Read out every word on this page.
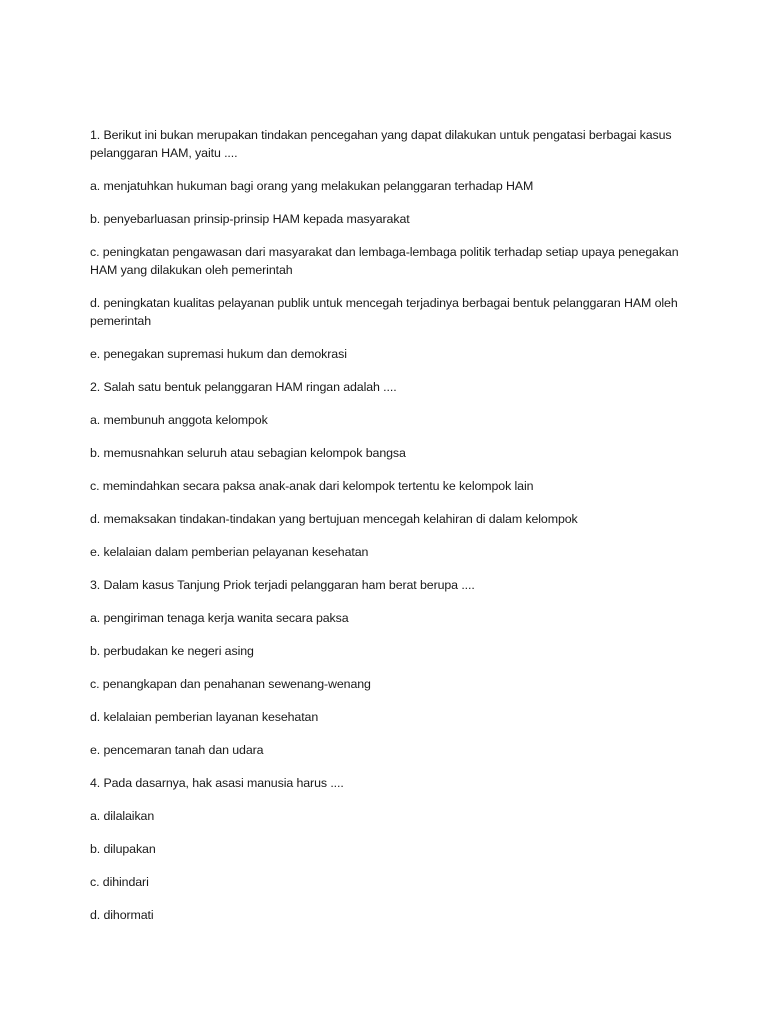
1. Berikut ini bukan merupakan tindakan pencegahan yang dapat dilakukan untuk pengatasi berbagai kasus pelanggaran HAM, yaitu ....

a. menjatuhkan hukuman bagi orang yang melakukan pelanggaran terhadap HAM

b. penyebarluasan prinsip-prinsip HAM kepada masyarakat

c. peningkatan pengawasan dari masyarakat dan lembaga-lembaga politik terhadap setiap upaya penegakan HAM yang dilakukan oleh pemerintah

d. peningkatan kualitas pelayanan publik untuk mencegah terjadinya berbagai bentuk pelanggaran HAM oleh pemerintah

e. penegakan supremasi hukum dan demokrasi

2. Salah satu bentuk pelanggaran HAM ringan adalah ....

a. membunuh anggota kelompok

b. memusnahkan seluruh atau sebagian kelompok bangsa

c. memindahkan secara paksa anak-anak dari kelompok tertentu ke kelompok lain

d. memaksakan tindakan-tindakan yang bertujuan mencegah kelahiran di dalam kelompok

e. kelalaian dalam pemberian pelayanan kesehatan

3. Dalam kasus Tanjung Priok terjadi pelanggaran ham berat berupa ....

a. pengiriman tenaga kerja wanita secara paksa

b. perbudakan ke negeri asing

c. penangkapan dan penahanan sewenang-wenang

d. kelalaian pemberian layanan kesehatan

e. pencemaran tanah dan udara

4. Pada dasarnya, hak asasi manusia harus ....

a. dilalaikan

b. dilupakan

c. dihindari

d. dihormati
